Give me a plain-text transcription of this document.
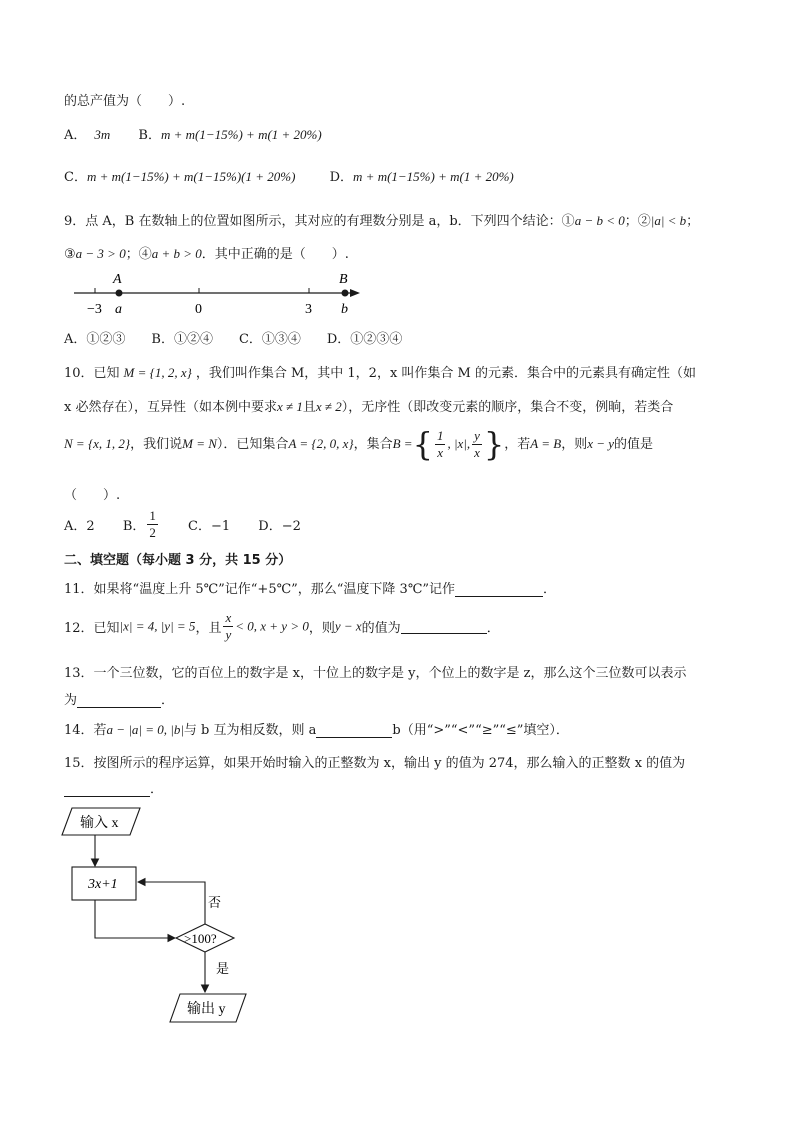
的总产值为（　　）.
A． 3m B．m + m(1−15%) + m(1 + 20%)
C．m + m(1−15%) + m(1−15%)(1 + 20%)	D．m + m(1−15%) + m(1 + 20%)
9．点 A，B 在数轴上的位置如图所示，其对应的有理数分别是 a，b．下列四个结论：①a − b < 0；②|a| < b；
③a − 3 > 0；④a + b > 0．其中正确的是（　　）.
A	B
−3 a	0	3 b
A．①②③　　B．①②④　　C．①③④　　D．①②③④
10．已知 M = {1, 2, x} ，我们叫作集合 M，其中 1，2，x 叫作集合 M 的元素．集合中的元素具有确定性（如
x 必然存在），互异性（如本例中要求x ≠ 1且x ≠ 2），无序性（即改变元素的顺序，集合不变，例晌，若类合
N = {x, 1, 2}，我们说M = N）．已知集合A = {2, 0, x}，集合B ={ $\frac{1}{x}$ , |x|, $\frac{y}{x}$ }，若A = B，则x − y的值是
（　　）.
A．2 B． $\frac{1}{2}$ C．−1 D．−2
二、填空题（每小题 3 分，共 15 分）
11．如果将“温度上升 5℃”记作“+5℃”，那么“温度下降 3℃”记作	．
12．已知|x| = 4, |y| = 5，且 $\frac{x}{y} < 0$, x + y > 0，则y − x的值为	．
13．一个三位数，它的百位上的数字是 x，十位上的数字是 y，个位上的数字是 z，那么这个三位数可以表示
为	．
14．若a − |a| = 0, |b|与 b 互为相反数，则 a	b（用“>”“<”“≥”“≤”填空）．
15．按图所示的程序运算，如果开始时输入的正整数为 x，输出 y 的值为 274，那么输入的正整数 x 的值为
．
输入 x
3x+1
>100?
否
是
输出 y
